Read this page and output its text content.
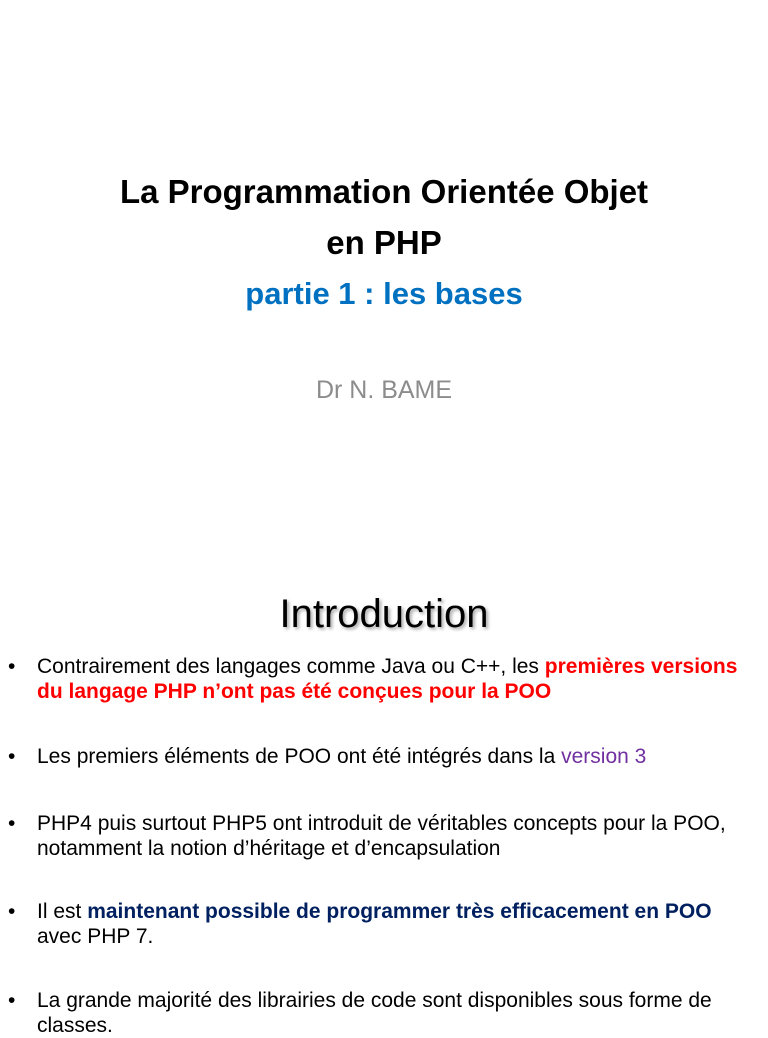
La Programmation Orientée Objet
en PHP
partie 1 : les bases
Dr N. BAME
Introduction
• Contrairement des langages comme Java ou C++, les premières versions du langage PHP n’ont pas été conçues pour la POO
• Les premiers éléments de POO ont été intégrés dans la version 3
• PHP4 puis surtout PHP5 ont introduit de véritables concepts pour la POO, notamment la notion d’héritage et d’encapsulation
• Il est maintenant possible de programmer très efficacement en POO avec PHP 7.
• La grande majorité des librairies de code sont disponibles sous forme de classes.
